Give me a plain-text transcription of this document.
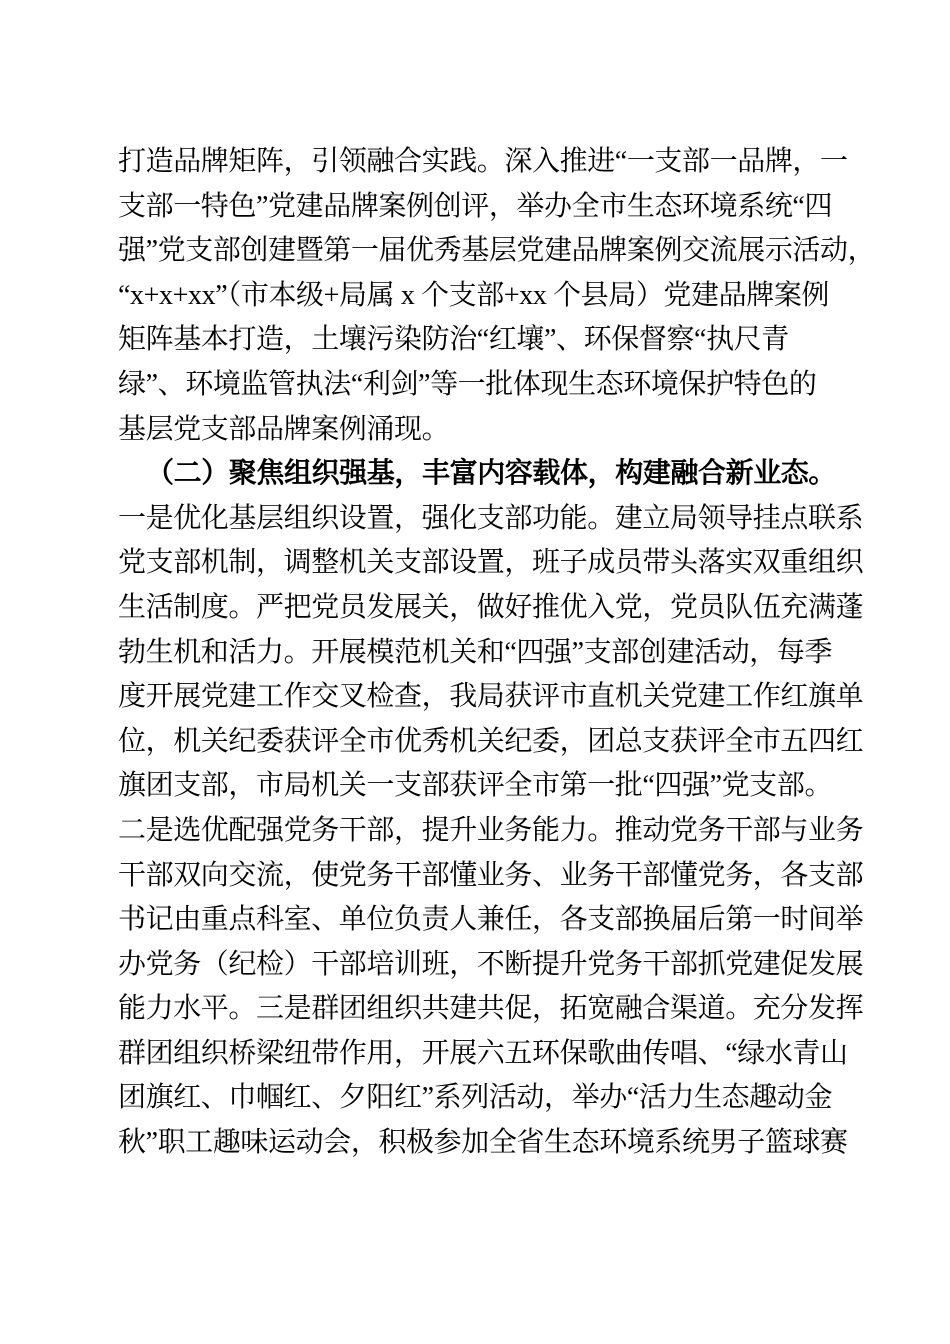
打造品牌矩阵，引领融合实践。深入推进“一支部一品牌，一
支部一特色”党建品牌案例创评，举办全市生态环境系统“四
强”党支部创建暨第一届优秀基层党建品牌案例交流展示活动，
“x+x+xx”（市本级+局属 x 个支部+xx 个县局）党建品牌案例
矩阵基本打造，土壤污染防治“红壤”、环保督察“执尺青
绿”、环境监管执法“利剑”等一批体现生态环境保护特色的
基层党支部品牌案例涌现。
（二）聚焦组织强基，丰富内容载体，构建融合新业态。
一是优化基层组织设置，强化支部功能。建立局领导挂点联系
党支部机制，调整机关支部设置，班子成员带头落实双重组织
生活制度。严把党员发展关，做好推优入党，党员队伍充满蓬
勃生机和活力。开展模范机关和“四强”支部创建活动，每季
度开展党建工作交叉检查，我局获评市直机关党建工作红旗单
位，机关纪委获评全市优秀机关纪委，团总支获评全市五四红
旗团支部，市局机关一支部获评全市第一批“四强”党支部。
二是选优配强党务干部，提升业务能力。推动党务干部与业务
干部双向交流，使党务干部懂业务、业务干部懂党务，各支部
书记由重点科室、单位负责人兼任，各支部换届后第一时间举
办党务（纪检）干部培训班，不断提升党务干部抓党建促发展
能力水平。三是群团组织共建共促，拓宽融合渠道。充分发挥
群团组织桥梁纽带作用，开展六五环保歌曲传唱、“绿水青山
团旗红、巾帼红、夕阳红”系列活动，举办“活力生态趣动金
秋”职工趣味运动会，积极参加全省生态环境系统男子篮球赛
